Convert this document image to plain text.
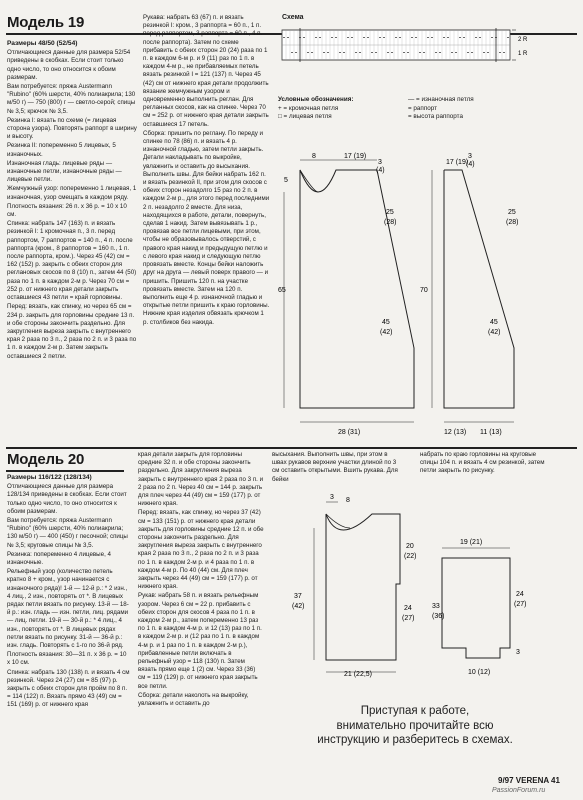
Модель 19

Размеры 48/50 (52/54)

Отличающиеся данные для размера 52/54 приведены в скобках. Если стоит только одно число, то оно относится к обоим размерам.

Вам потребуется: пряжа Austermann "Rubino" (60% шерсти, 40% полиакрила; 130 м/50 г) — 750 (800) г — светло-серой; спицы № 3,5; крючок № 3,5.

Резинка I: вязать по схеме (= лицевая сторона узора). Повторять раппорт в ширину и высоту.

Резинка II: попеременно 5 лицевых, 5 изнаночных.

Изнаночная гладь: лицевые ряды — изнаночные петли, изнаночные ряды — лицевые петли.

Жемчужный узор: попеременно 1 лицевая, 1 изнаночная, узор смещать в каждом ряду.

Плотность вязания: 26 п. x 36 р. = 10 x 10 см.

Спинка: набрать 147 (163) п. и вязать резинкой I: 1 кромочная п., 3 п. перед раппортом, 7 раппортов = 140 п., 4 п. после раппорта (кром., 8 раппортов = 160 п., 1 п. после раппорта, кром.). Через 45 (42) см = 162 (152) р. закрыть с обеих сторон для реглановых скосов по 8 (10) п., затем 44 (50) раза по 1 п. в каждом 2-м р. Через 70 см = 252 р. от нижнего края детали закрыть оставшиеся 43 петли = край горловины.

Перед: вязать, как спинку, но через 65 см = 234 р. закрыть для горловины средние 13 п. и обе стороны закончить раздельно. Для закругления выреза закрыть с внутреннего края 2 раза по 3 п., 2 раза по 2 п. и 3 раза по 1 п. в каждом 2-м р. Затем закрыть оставшиеся 2 петли.

Рукава: набрать 63 (67) п. и вязать резинкой I: кром., 3 раппорта = 60 п., 1 п. перед раппортом, 3 раппорта = 60 п., 4 п. после раппорта). Затем по схеме прибавить с обеих сторон 20 (24) раза по 1 п. в каждом 6-м р. и 9 (11) раз по 1 п. в каждом 4-м р., не прибавляемых петель вязать резинкой I = 121 (137) п. Через 45 (42) см от нижнего края детали продолжить вязание жемчужным узором и одновременно выполнить реглан. Для регланных скосов, как на спинке. Через 70 см = 252 р. от нижнего края детали закрыть оставшиеся 17 петель.

Сборка: пришить по реглану. По переду и спинке по 78 (86) п. и вязать 4 р. изнаночной гладью, затем петли закрыть. Детали накладывать по выкройке, увлажнить и оставить до высыхания. Выполнить швы. Для бейки набрать 162 п. и вязать резинкой II, при этом для скосов с обеих сторон незадолго 15 раз по 2 п. в каждом 2-м р., для этого перед последними 2 п. незадолго 2 вместе. Для низа, находящихся в работе, детали, повернуть, сделав 1 накид. Затем вывязывать 1 р., провязав все петли лицевыми, при этом, чтобы не образовывалось отверстий, с правого края накид и предыдущую петлю и с левого края накид и следующую петлю провязать вместе. Концы бейки наложить друг на друга — левый поверх правого — и пришить. Пришить 120 п. на участке провязать вместе. Затем на 120 п. выполнить еще 4 р. изнаночной гладью и открытые петли пришить к краю горловины. Нижние края изделия обвязать крючком 1 р. столбиков без накида.

Схема
2 R
1 R
Условные обозначения:
+ = кромочная петля
□ = лицевая петля
— = изнаночная петля
= раппорт
= высота раппорта
5
8	17 (19)
3
(4)
25
(28)
65
45
(42)
28 (31)
17 (19)
3
(4)
25
(28)
70
45
(42)
12 (13) 11 (13)
Модель 20

Размеры 116/122 (128/134)

Отличающиеся данные для размера 128/134 приведены в скобках. Если стоит только одно число, то оно относится к обоим размерам.

Вам потребуется: пряжа Austermann "Rubino" (60% шерсти, 40% полиакрила; 130 м/50 г) — 400 (450) г песочной; спицы № 3,5; круговые спицы № 3,5.

Резинка: попеременно 4 лицевые, 4 изнаночные.

Рельефный узор (количество петель кратно 8 + кром., узор начинается с изнаночного ряда)! 1-й — 12-й р.: * 2 изн., 4 лиц., 2 изн., повторять от *. В лицевых рядах петли вязать по рисунку. 13-й — 18-й р.: изн. гладь — изн. петли, лиц. рядами — лиц. петли. 19-й — 30-й р.: * 4 лиц., 4 изн., повторять от *. В лицевых рядах петли вязать по рисунку. 31-й — 36-й р.: изн. гладь. Повторять с 1-го по 36-й ряд.

Плотность вязания: 30—31 п. x 36 р. = 10 x 10 см.

Спинка: набрать 130 (138) п. и вязать 4 см резинкой. Через 24 (27) см = 85 (97) р. закрыть с обеих сторон для пройм по 8 п. = 114 (122) п. Вязать прямо 43 (49) см = 151 (169) р. от нижнего края

края детали закрыть для горловины средние 32 п. и обе стороны закончить раздельно. Для закругления выреза закрыть с внутреннего края 2 раза по 3 п. и 2 раза по 2 п. Через 40 см = 144 р. закрыть для плеч через 44 (49) см = 159 (177) р. от нижнего края.

Перед: вязать, как спинку, но через 37 (42) см = 133 (151) р. от нижнего края детали закрыть для горловины средние 12 п. и обе стороны закончить раздельно. Для закругления выреза закрыть с внутреннего края 2 раза по 3 п., 2 раза по 2 п. и 3 раза по 1 п. в каждом 2-м р. и 4 раза по 1 п. в каждом 4-м р. По 40 (44) см. Для плеч закрыть через 44 (49) см = 159 (177) р. от нижнего края.

Рукав: набрать 58 п. и вязать рельефным узором. Через 6 см = 22 р. прибавить с обеих сторон для скосов 4 раза по 1 п. в каждом 2-м р., затем попеременно 13 раз по 1 п. в каждом 4-м р. и 12 (13) раз по 1 п. в каждом 2-м р. и (12 раз по 1 п. в каждом 4-м р. и 1 раз по 1 п. в каждом 2-м р.), прибавленные петли включать в рельефный узор = 118 (130) п. Затем вязать прямо еще 1 (2) см. Через 33 (36) см = 119 (129) р. от нижнего края закрыть все петли.

Сборка: детали наколоть на выкройку, увлажнить и оставить до

высыхания. Выполнить швы, при этом в швах рукавов верхние участки длиной по 3 см оставить открытыми. Вшить рукава. Для бейки

набрать по краю горловины на круговые спицы 104 п. и вязать 4 см резинкой, затем петли закрыть по рисунку.

3
20
(22)
37
(42)	24
(27)
21 (22,5)
8
19 (21)
33
(36)
24
(27)
10 (12)
3
Приступая к работе,
внимательно прочитайте всю
инструкцию и разберитесь в схемах.
9/97 VERENA 41
PassionForum.ru
